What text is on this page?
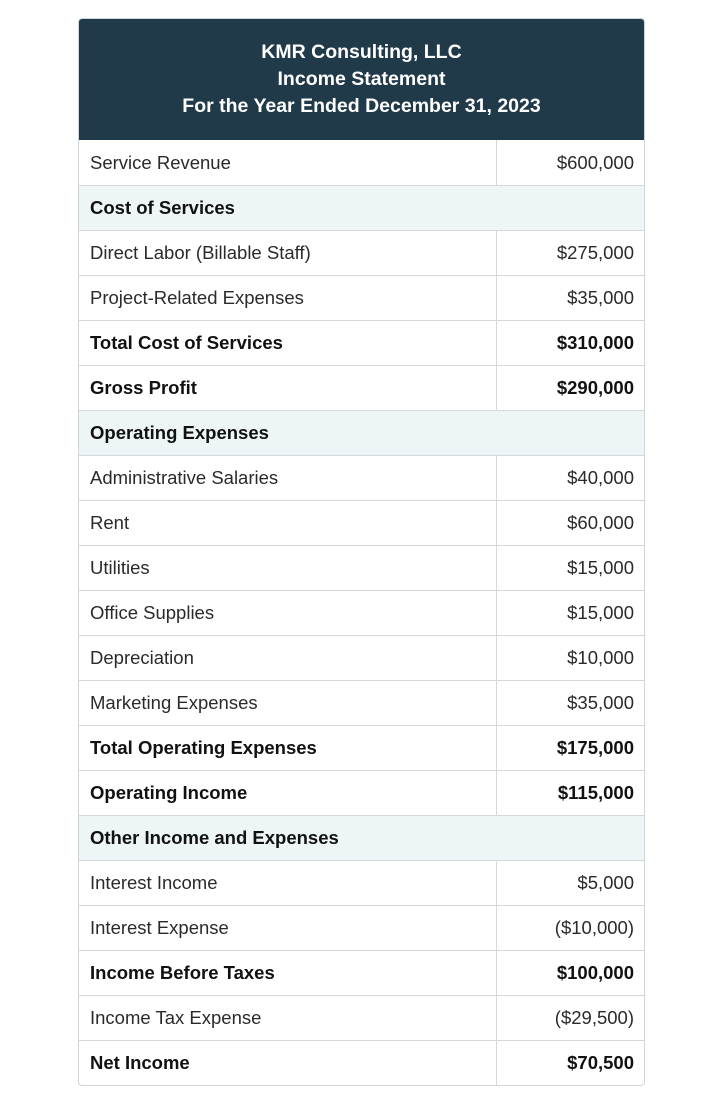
KMR Consulting, LLC
Income Statement
For the Year Ended December 31, 2023
Service Revenue	$600,000
Cost of Services
Direct Labor (Billable Staff)	$275,000
Project-Related Expenses	$35,000
Total Cost of Services	$310,000
Gross Profit	$290,000
Operating Expenses
Administrative Salaries	$40,000
Rent	$60,000
Utilities	$15,000
Office Supplies	$15,000
Depreciation	$10,000
Marketing Expenses	$35,000
Total Operating Expenses	$175,000
Operating Income	$115,000
Other Income and Expenses
Interest Income	$5,000
Interest Expense	($10,000)
Income Before Taxes	$100,000
Income Tax Expense	($29,500)
Net Income	$70,500
